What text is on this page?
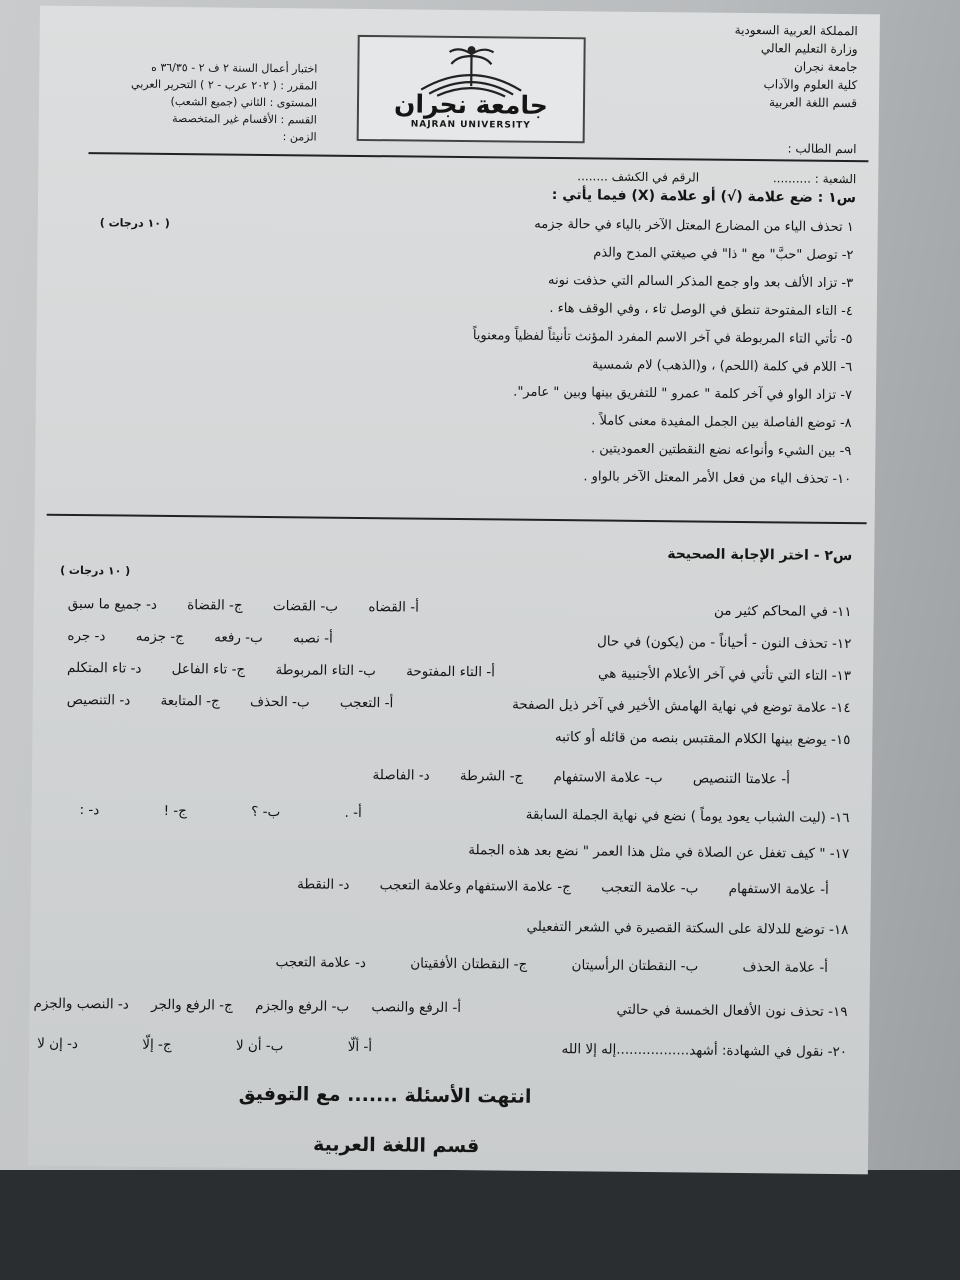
المملكة العربية السعودية
وزارة التعليم العالي
جامعة نجران
كلية العلوم والآداب
قسم اللغة العربية
جامعة نجران
NAJRAN UNIVERSITY
اختبار أعمال السنة ٢ ف ٢ - ٣٦/٣٥ ه
المقرر : ( ٢٠٢ عرب - ٢ ) التحرير العربي
المستوى : الثاني (جميع الشعب)
القسم : الأقسام غير المتخصصة
الزمن :
اسم الطالب :
الشعبة : .......... الرقم في الكشف ........
س١ : ضع علامة (√) أو علامة (X) فيما يأتي :
( ١٠ درجات )	١ تحذف الياء من المضارع المعتل الآخر بالياء في حالة جزمه
٢- توصل "حبَّ" مع " ذا" في صيغتي المدح والذم
٣- تزاد الألف بعد واو جمع المذكر السالم التي حذفت نونه
٤- التاء المفتوحة تنطق في الوصل تاء ، وفي الوقف هاء .
٥- تأتي التاء المربوطة في آخر الاسم المفرد المؤنث تأنيثاً لفظياً ومعنوياً
٦- اللام في كلمة (اللحم) ، و(الذهب) لام شمسية
٧- تزاد الواو في آخر كلمة " عمرو " للتفريق بينها وبين " عامر".
٨- توضع الفاصلة بين الجمل المفيدة معنى كاملاً .
٩- بين الشيء وأنواعه نضع النقطتين العموديتين .
١٠- تحذف الياء من فعل الأمر المعتل الآخر بالواو .
س٢ - اختر الإجابة الصحيحة
( ١٠ درجات )
١١- في المحاكم كثير من
أ- القضاه ب- القضات ج- القضاة د- جميع ما سبق
١٢- تحذف النون - أحياناً - من (يكون) في حال
أ- نصبه ب- رفعه ج- جزمه د- جره
١٣- التاء التي تأتي في آخر الأعلام الأجنبية هي
أ- التاء المفتوحة ب- التاء المربوطة ج- تاء الفاعل د- تاء المتكلم
١٤- علامة توضع في نهاية الهامش الأخير في آخر ذيل الصفحة
أ- التعجب ب- الحذف ج- المتابعة د- التنصيص
١٥- يوضع بينها الكلام المقتبس بنصه من قائله أو كاتبه
أ- علامتا التنصيص ب- علامة الاستفهام ج- الشرطة د- الفاصلة
١٦- (ليت الشباب يعود يوماً ) نضع في نهاية الجملة السابقة
أ- . ب- ؟ ج- ! د- :
١٧- " كيف تغفل عن الصلاة في مثل هذا العمر " نضع بعد هذه الجملة
أ- علامة الاستفهام ب- علامة التعجب ج- علامة الاستفهام وعلامة التعجب د- النقطة
١٨- توضع للدلالة على السكتة القصيرة في الشعر التفعيلي
أ- علامة الحذف ب- النقطتان الرأسيتان ج- النقطتان الأفقيتان د- علامة التعجب
١٩- تحذف نون الأفعال الخمسة في حالتي
أ- الرفع والنصب ب- الرفع والجزم ج- الرفع والجر د- النصب والجزم
٢٠- نقول في الشهادة: أشهد.................إله إلا الله
أ- ألّا ب- أن لا ج- إلّا د- إن لا
انتهت الأسئلة ....... مع التوفيق
قسم اللغة العربية
